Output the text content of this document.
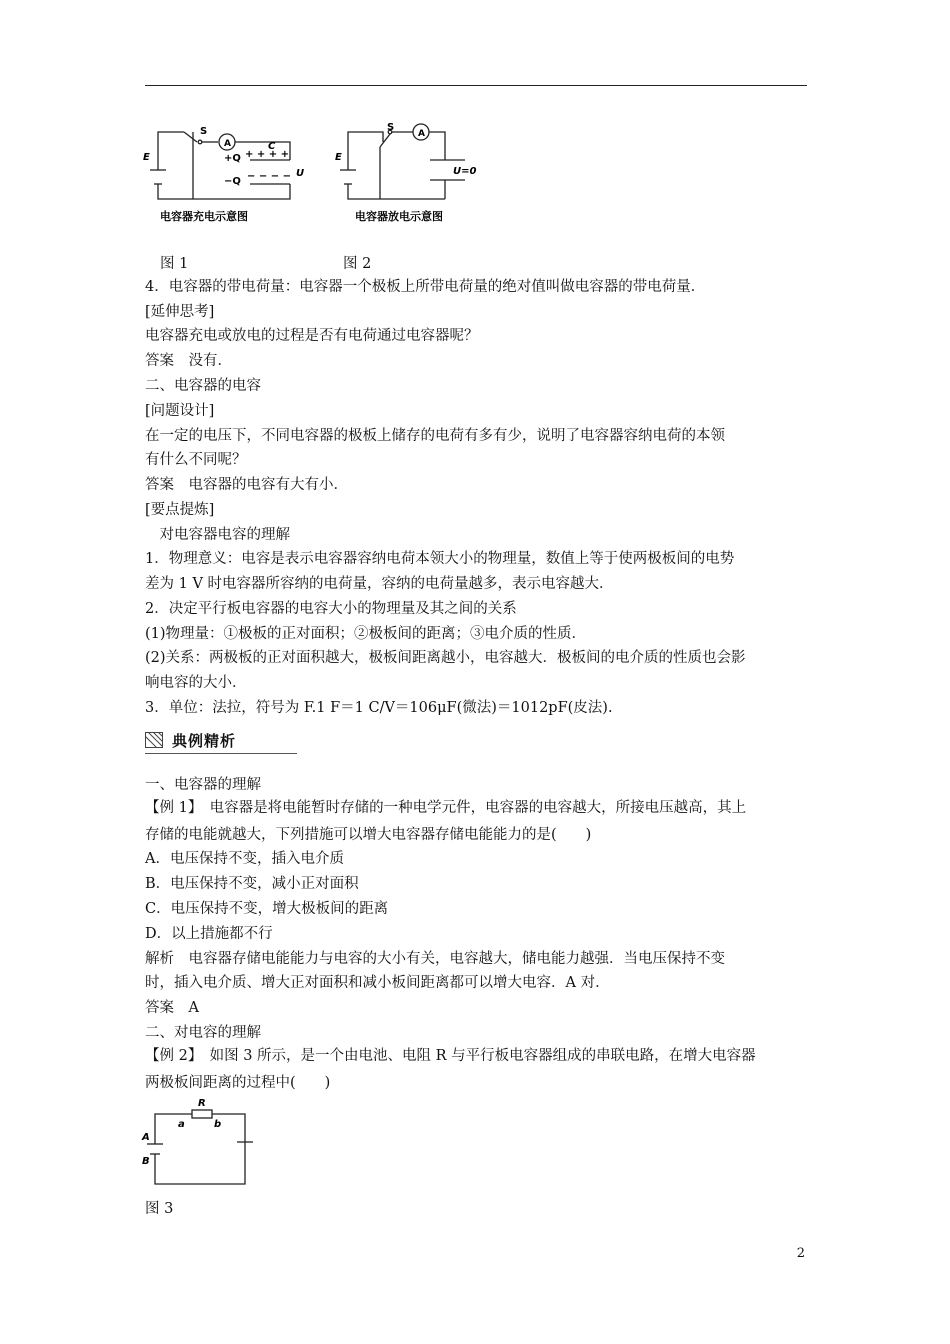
A
E
S
C
+Q + + + +
−Q − − − − U
电容器充电示意图
A
E
S
U=0
电容器放电示意图
图 1	图 2
4．电容器的带电荷量：电容器一个极板上所带电荷量的绝对值叫做电容器的带电荷量．
[延伸思考]
电容器充电或放电的过程是否有电荷通过电容器呢？
答案　没有．
二、电容器的电容
[问题设计]
在一定的电压下，不同电容器的极板上储存的电荷有多有少，说明了电容器容纳电荷的本领
有什么不同呢？
答案　电容器的电容有大有小．
[要点提炼]
　对电容器电容的理解
1．物理意义：电容是表示电容器容纳电荷本领大小的物理量，数值上等于使两极板间的电势
差为 1 V 时电容器所容纳的电荷量，容纳的电荷量越多，表示电容越大．
2．决定平行板电容器的电容大小的物理量及其之间的关系
(1)物理量：①极板的正对面积；②极板间的距离；③电介质的性质．
(2)关系：两极板的正对面积越大，极板间距离越小，电容越大．极板间的电介质的性质也会影
响电容的大小．
3．单位：法拉，符号为 F.1 F＝1 C/V＝106μF(微法)＝1012pF(皮法).
典例精析
一、电容器的理解
【例 1】　电容器是将电能暂时存储的一种电学元件，电容器的电容越大，所接电压越高，其上
存储的电能就越大，下列措施可以增大电容器存储电能能力的是(　　)
A．电压保持不变，插入电介质
B．电压保持不变，减小正对面积
C．电压保持不变，增大极板间的距离
D．以上措施都不行
解析　电容器存储电能能力与电容的大小有关，电容越大，储电能力越强．当电压保持不变
时，插入电介质、增大正对面积和减小板间距离都可以增大电容．A 对．
答案　A
二、对电容的理解
【例 2】　如图 3 所示，是一个由电池、电阻 R 与平行板电容器组成的串联电路，在增大电容器
两极板间距离的过程中(　　)
R
a	b
A
B
图 3
2
